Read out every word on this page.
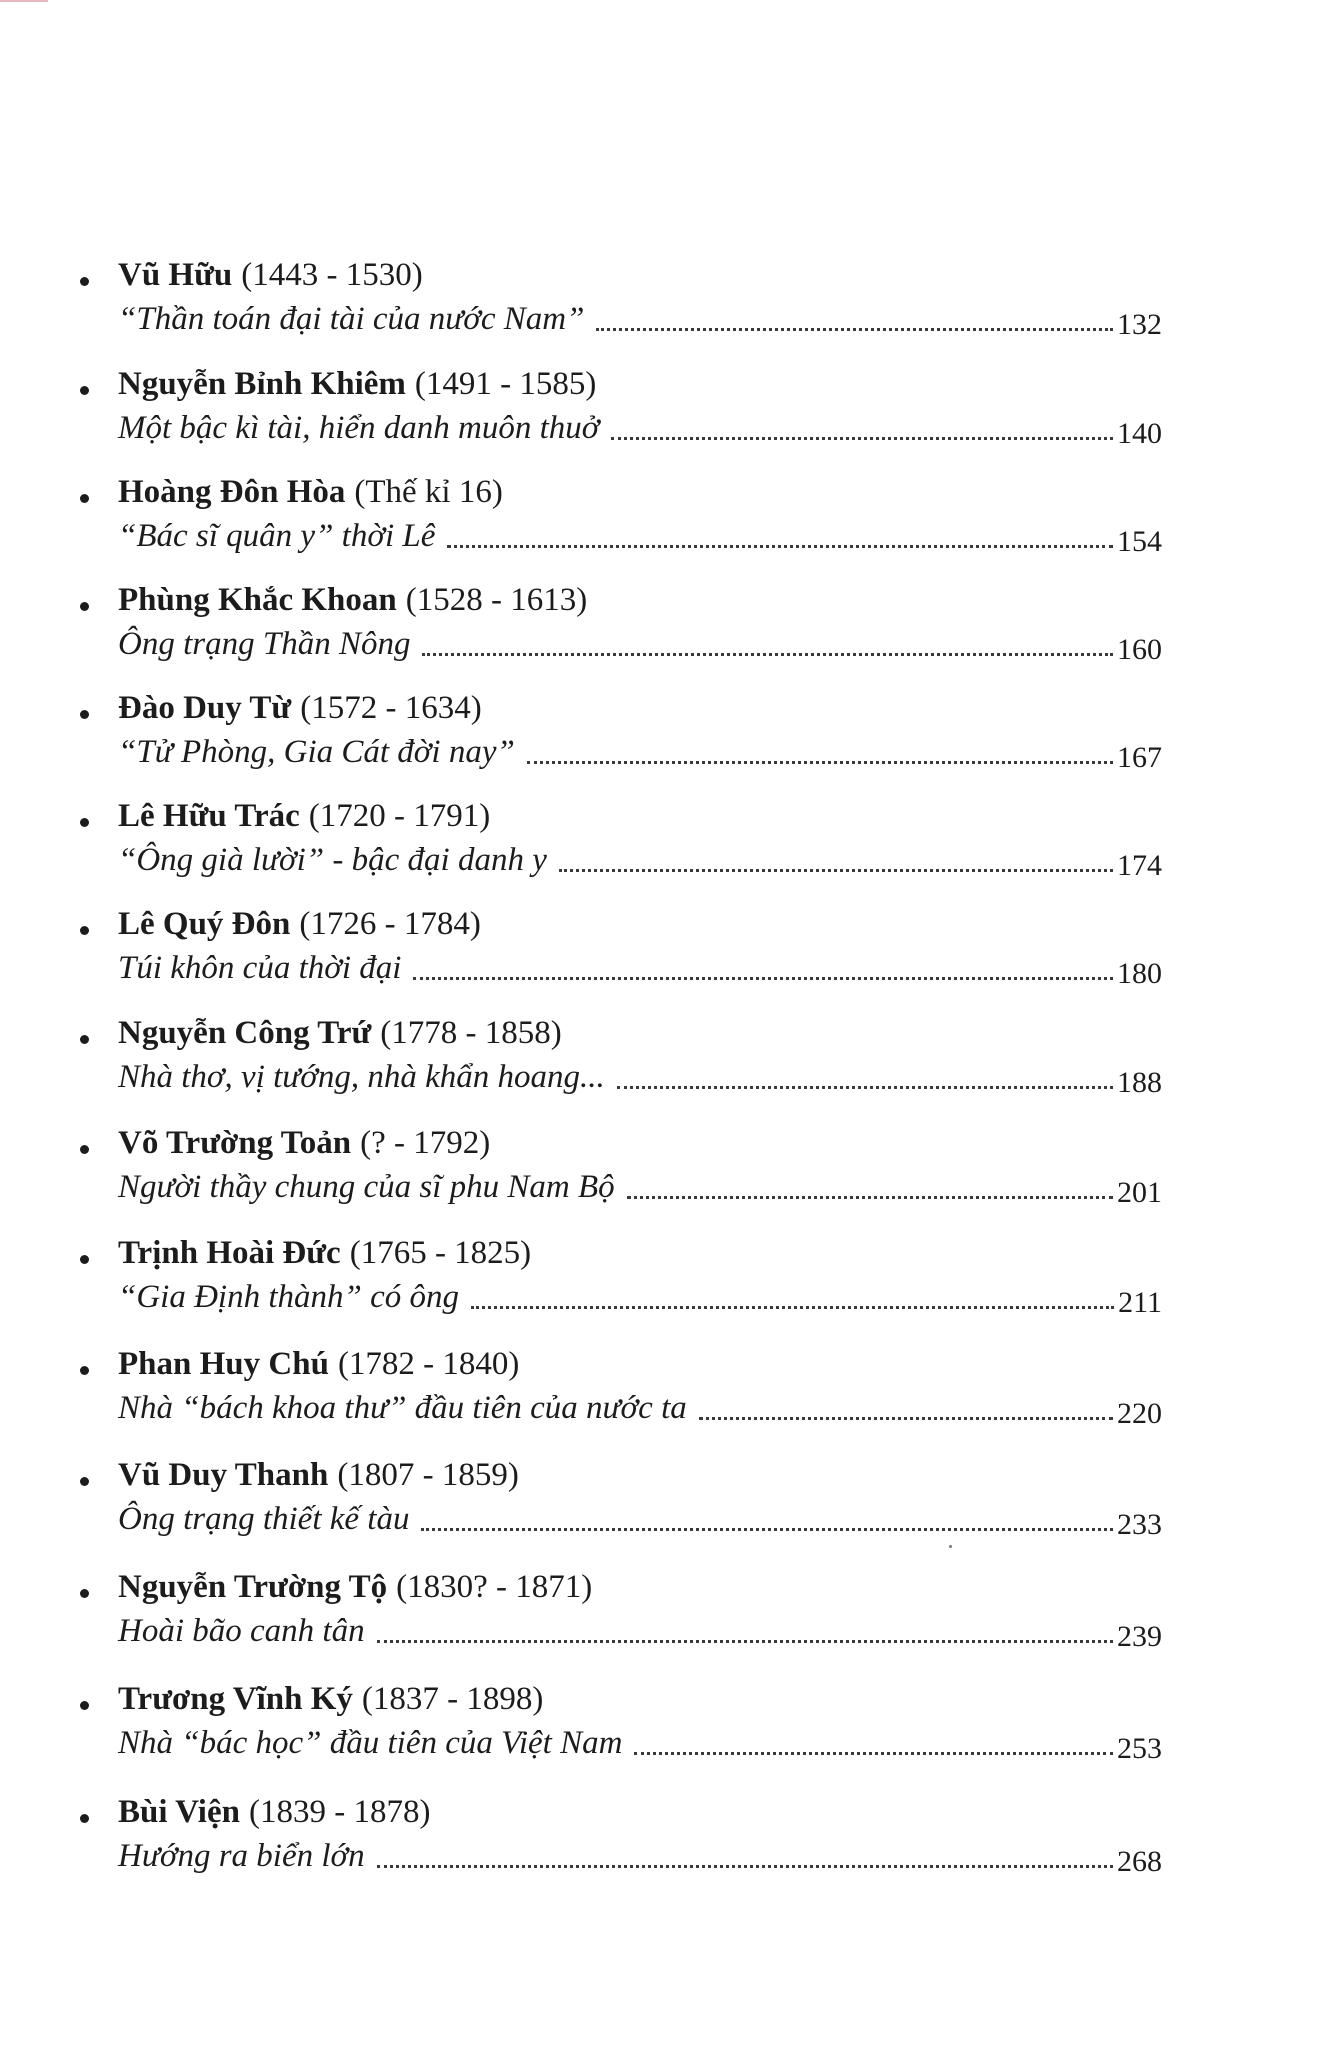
Vũ Hữu (1443 - 1530)
“Thần toán đại tài của nước Nam”	132
Nguyễn Bỉnh Khiêm (1491 - 1585)
Một bậc kì tài, hiển danh muôn thuở	140
Hoàng Đôn Hòa (Thế kỉ 16)
“Bác sĩ quân y” thời Lê	154
Phùng Khắc Khoan (1528 - 1613)
Ông trạng Thần Nông	160
Đào Duy Từ (1572 - 1634)
“Tử Phòng, Gia Cát đời nay”	167
Lê Hữu Trác (1720 - 1791)
“Ông già lười” - bậc đại danh y	174
Lê Quý Đôn (1726 - 1784)
Túi khôn của thời đại	180
Nguyễn Công Trứ (1778 - 1858)
Nhà thơ, vị tướng, nhà khẩn hoang...	188
Võ Trường Toản (? - 1792)
Người thầy chung của sĩ phu Nam Bộ	201
Trịnh Hoài Đức (1765 - 1825)
“Gia Định thành” có ông	211
Phan Huy Chú (1782 - 1840)
Nhà “bách khoa thư” đầu tiên của nước ta	220
Vũ Duy Thanh (1807 - 1859)
Ông trạng thiết kế tàu	233
Nguyễn Trường Tộ (1830? - 1871)
Hoài bão canh tân	239
Trương Vĩnh Ký (1837 - 1898)
Nhà “bác học” đầu tiên của Việt Nam	253
Bùi Viện (1839 - 1878)
Hướng ra biển lớn	268
